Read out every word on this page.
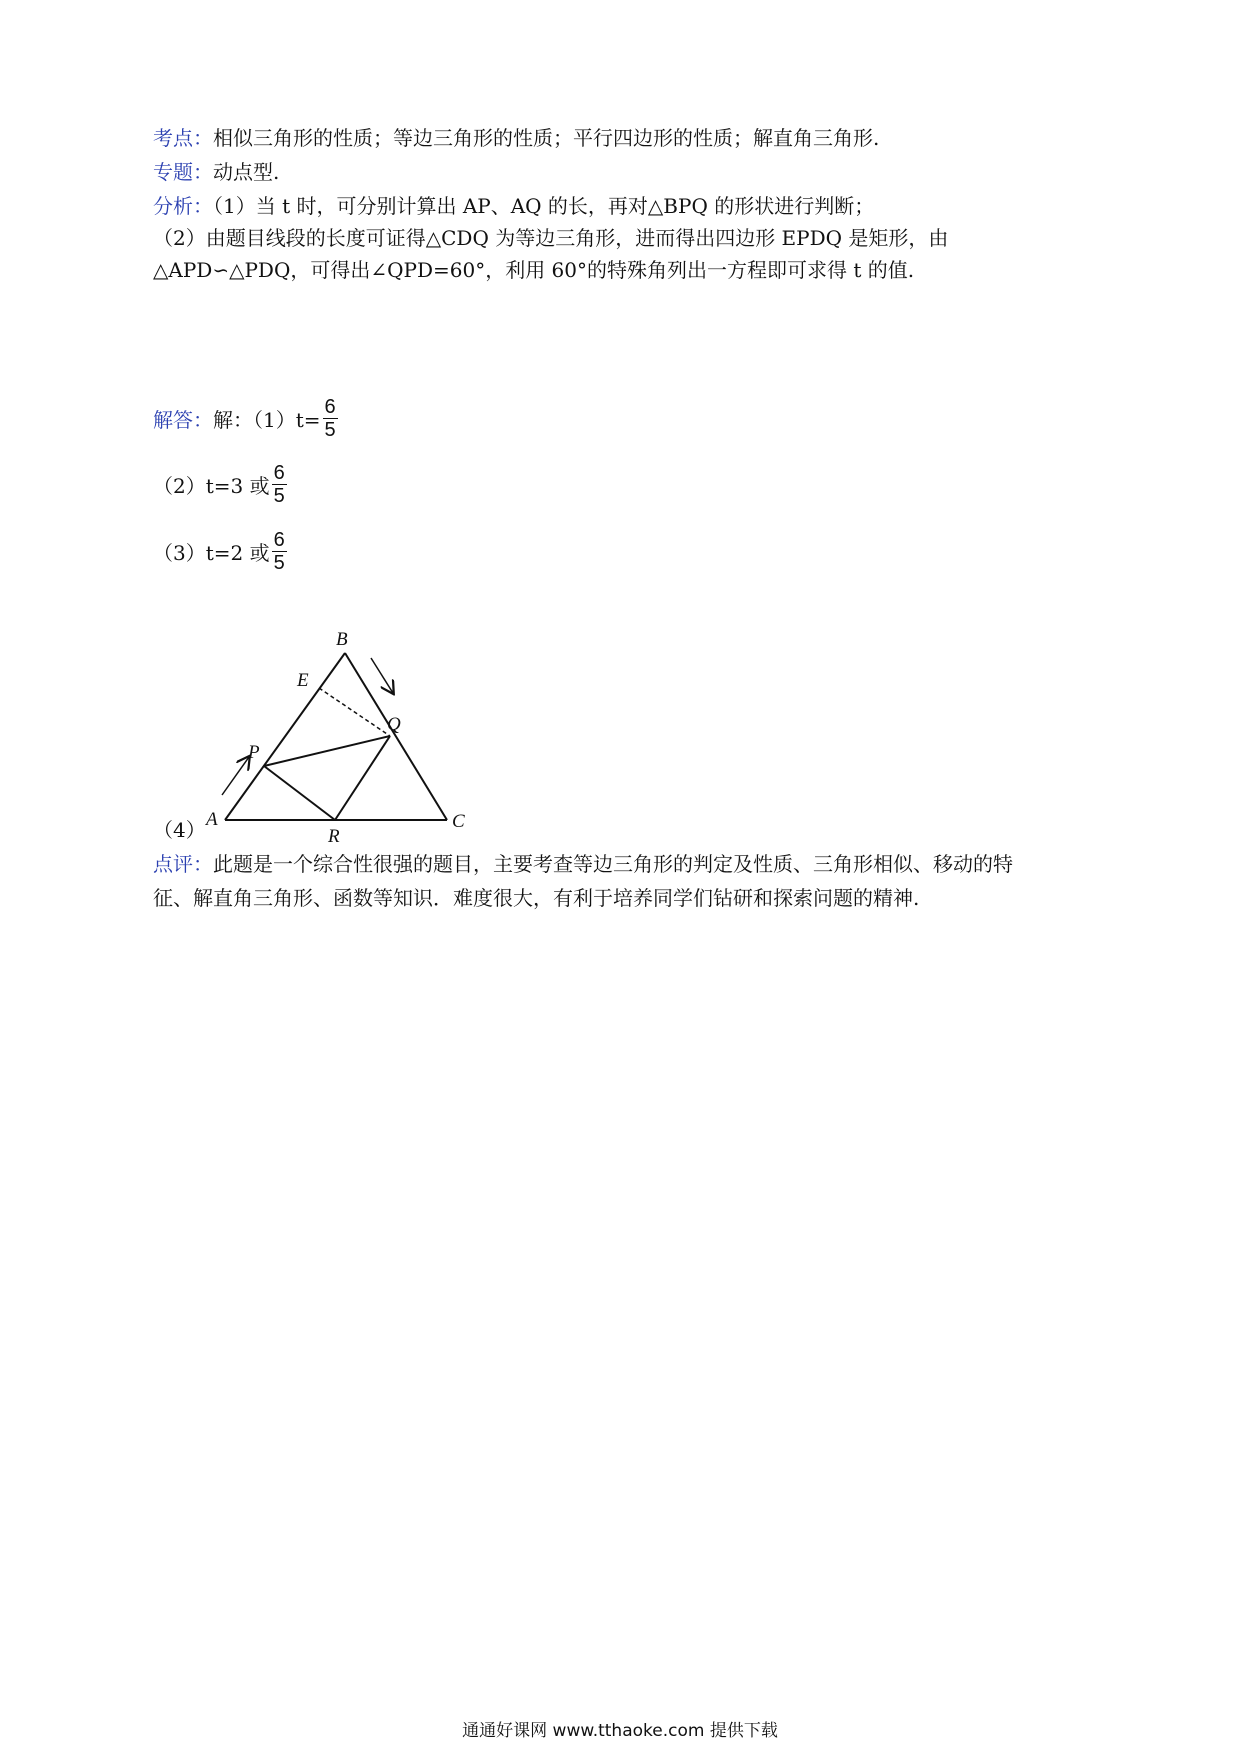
考点：相似三角形的性质；等边三角形的性质；平行四边形的性质；解直角三角形.
专题：动点型.
分析：（1）当 t 时，可分别计算出 AP、AQ 的长，再对△BPQ 的形状进行判断；
（2）由题目线段的长度可证得△CDQ 为等边三角形，进而得出四边形 EPDQ 是矩形，由
△APD∽△PDQ，可得出∠QPD=60°，利用 60°的特殊角列出一方程即可求得 t 的值.
解答： 解：$(1)t= \frac{6}{5}$
（2）t=3 或 $\frac{6}{5}$
（3）t=2 或 $\frac{6}{5}$
（4） A
B
C
E
P
Q
R
点评：此题是一个综合性很强的题目，主要考查等边三角形的判定及性质、三角形相似、移动的特
征、解直角三角形、函数等知识．难度很大，有利于培养同学们钻研和探索问题的精神.
通通好课网 www.tthaoke.com 提供下载
